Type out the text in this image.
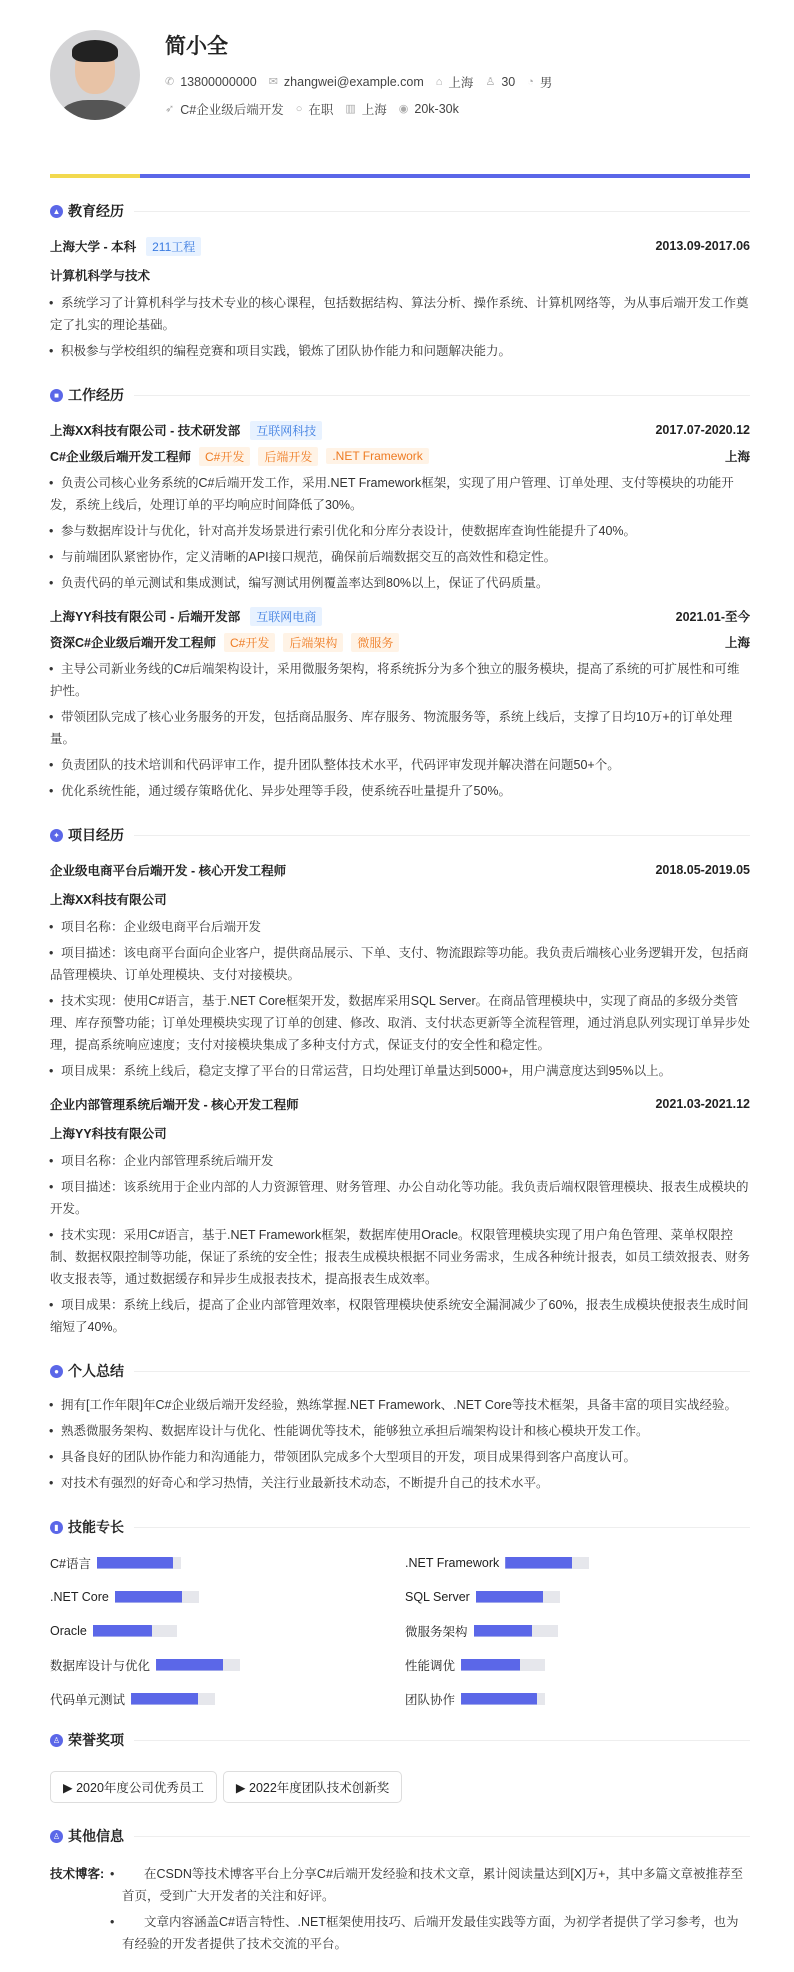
简小全
✆ 13800000000 ✉ zhangwei@example.com ⌂ 上海 ♙ 30 ◔ 男
➶ C#企业级后端开发 ○ 在职 ▥ 上海 ◉ 20k-30k
▲ 教育经历
上海大学 - 本科	211工程	2013.09-2017.06
计算机科学与技术
• 系统学习了计算机科学与技术专业的核心课程，包括数据结构、算法分析、操作系统、计算机网络等，为从事后端开发工作奠定了扎实的理论基础。
• 积极参与学校组织的编程竞赛和项目实践，锻炼了团队协作能力和问题解决能力。
■ 工作经历
上海XX科技有限公司 - 技术研发部	互联网科技	2017.07-2020.12
C#企业级后端开发工程师	C#开发	后端开发	.NET Framework	上海
• 负责公司核心业务系统的C#后端开发工作，采用.NET Framework框架，实现了用户管理、订单处理、支付等模块的功能开发，系统上线后，处理订单的平均响应时间降低了30%。
• 参与数据库设计与优化，针对高并发场景进行索引优化和分库分表设计，使数据库查询性能提升了40%。
• 与前端团队紧密协作，定义清晰的API接口规范，确保前后端数据交互的高效性和稳定性。
• 负责代码的单元测试和集成测试，编写测试用例覆盖率达到80%以上，保证了代码质量。
上海YY科技有限公司 - 后端开发部	互联网电商	2021.01-至今
资深C#企业级后端开发工程师	C#开发	后端架构	微服务	上海
• 主导公司新业务线的C#后端架构设计，采用微服务架构，将系统拆分为多个独立的服务模块，提高了系统的可扩展性和可维护性。
• 带领团队完成了核心业务服务的开发，包括商品服务、库存服务、物流服务等，系统上线后，支撑了日均10万+的订单处理量。
• 负责团队的技术培训和代码评审工作，提升团队整体技术水平，代码评审发现并解决潜在问题50+个。
• 优化系统性能，通过缓存策略优化、异步处理等手段，使系统吞吐量提升了50%。
✦ 项目经历
企业级电商平台后端开发 - 核心开发工程师	2018.05-2019.05
上海XX科技有限公司
• 项目名称：企业级电商平台后端开发
• 项目描述：该电商平台面向企业客户，提供商品展示、下单、支付、物流跟踪等功能。我负责后端核心业务逻辑开发，包括商品管理模块、订单处理模块、支付对接模块。
• 技术实现：使用C#语言，基于.NET Core框架开发，数据库采用SQL Server。在商品管理模块中，实现了商品的多级分类管理、库存预警功能；订单处理模块实现了订单的创建、修改、取消、支付状态更新等全流程管理，通过消息队列实现订单异步处理，提高系统响应速度；支付对接模块集成了多种支付方式，保证支付的安全性和稳定性。
• 项目成果：系统上线后，稳定支撑了平台的日常运营，日均处理订单量达到5000+，用户满意度达到95%以上。
企业内部管理系统后端开发 - 核心开发工程师	2021.03-2021.12
上海YY科技有限公司
• 项目名称：企业内部管理系统后端开发
• 项目描述：该系统用于企业内部的人力资源管理、财务管理、办公自动化等功能。我负责后端权限管理模块、报表生成模块的开发。
• 技术实现：采用C#语言，基于.NET Framework框架，数据库使用Oracle。权限管理模块实现了用户角色管理、菜单权限控制、数据权限控制等功能，保证了系统的安全性；报表生成模块根据不同业务需求，生成各种统计报表，如员工绩效报表、财务收支报表等，通过数据缓存和异步生成报表技术，提高报表生成效率。
• 项目成果：系统上线后，提高了企业内部管理效率，权限管理模块使系统安全漏洞减少了60%，报表生成模块使报表生成时间缩短了40%。
● 个人总结
• 拥有[工作年限]年C#企业级后端开发经验，熟练掌握.NET Framework、.NET Core等技术框架，具备丰富的项目实战经验。
• 熟悉微服务架构、数据库设计与优化、性能调优等技术，能够独立承担后端架构设计和核心模块开发工作。
• 具备良好的团队协作能力和沟通能力，带领团队完成多个大型项目的开发，项目成果得到客户高度认可。
• 对技术有强烈的好奇心和学习热情，关注行业最新技术动态，不断提升自己的技术水平。
▮ 技能专长
C#语言	.NET Framework
.NET Core	SQL Server
Oracle	微服务架构
数据库设计与优化	性能调优
代码单元测试	团队协作
♙ 荣誉奖项
▶ 2020年度公司优秀员工	▶ 2022年度团队技术创新奖
♙ 其他信息
技术博客:	• 在CSDN等技术博客平台上分享C#后端开发经验和技术文章，累计阅读量达到[X]万+，其中多篇文章被推荐至首页，受到广大开发者的关注和好评。
• 文章内容涵盖C#语言特性、.NET框架使用技巧、后端开发最佳实践等方面，为初学者提供了学习参考，也为有经验的开发者提供了技术交流的平台。
